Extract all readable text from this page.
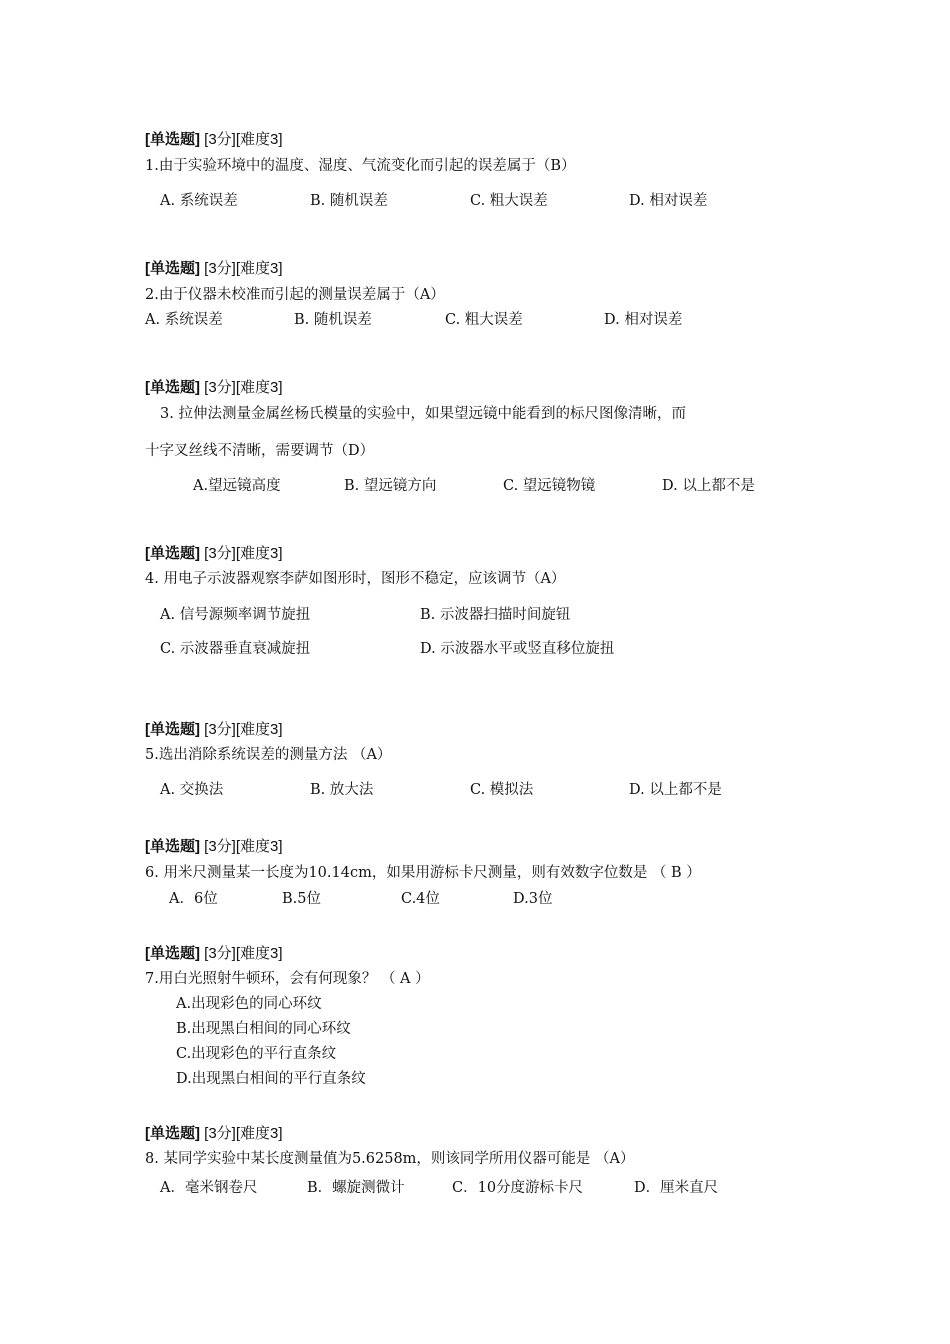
[单选题] [3分][难度3]
1.由于实验环境中的温度、湿度、气流变化而引起的误差属于（B）
A. 系统误差	B. 随机误差	C. 粗大误差	D. 相对误差
[单选题] [3分][难度3]
2.由于仪器未校准而引起的测量误差属于（A）
A. 系统误差	B. 随机误差	C. 粗大误差	D. 相对误差
[单选题] [3分][难度3]
3. 拉伸法测量金属丝杨氏模量的实验中，如果望远镜中能看到的标尺图像清晰，而
十字叉丝线不清晰，需要调节（D）
A.望远镜高度	B. 望远镜方向	C. 望远镜物镜	D. 以上都不是
[单选题] [3分][难度3]
4. 用电子示波器观察李萨如图形时，图形不稳定，应该调节（A）
A. 信号源频率调节旋扭	B. 示波器扫描时间旋钮
C. 示波器垂直衰减旋扭	D. 示波器水平或竖直移位旋扭
[单选题] [3分][难度3]
5.选出消除系统误差的测量方法 （A）
A. 交换法	B. 放大法	C. 模拟法	D. 以上都不是
[单选题] [3分][难度3]
6. 用米尺测量某一长度为10.14cm，如果用游标卡尺测量，则有效数字位数是 （ B ）
A．6位	B.5位	C.4位	D.3位
[单选题] [3分][难度3]
7.用白光照射牛顿环，会有何现象？ （ A ）
A.出现彩色的同心环纹
B.出现黑白相间的同心环纹
C.出现彩色的平行直条纹
D.出现黑白相间的平行直条纹
[单选题] [3分][难度3]
8. 某同学实验中某长度测量值为5.6258m，则该同学所用仪器可能是 （A）
A．毫米钢卷尺	B．螺旋测微计	C．10分度游标卡尺	D．厘米直尺
